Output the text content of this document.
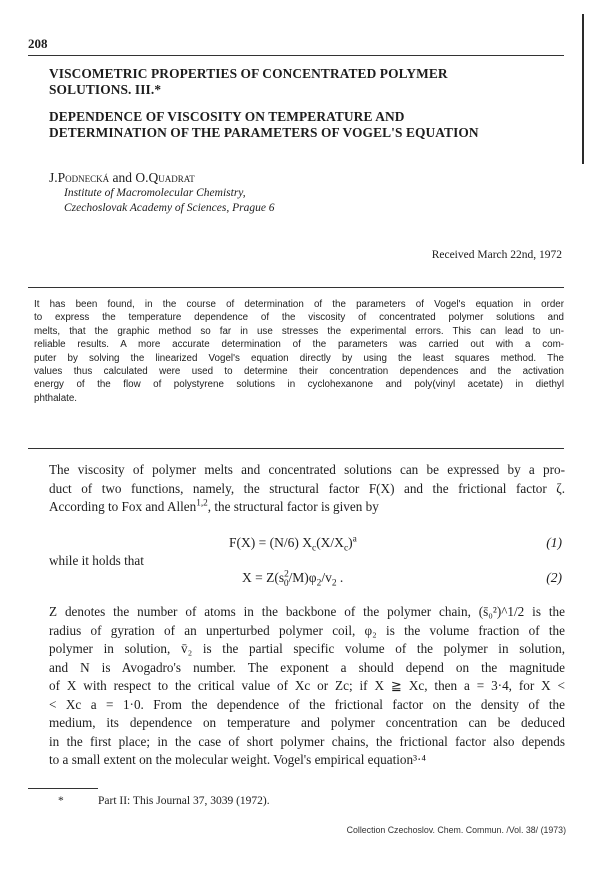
208
VISCOMETRIC PROPERTIES OF CONCENTRATED POLYMER
SOLUTIONS. III.*
DEPENDENCE OF VISCOSITY ON TEMPERATURE AND
DETERMINATION OF THE PARAMETERS OF VOGEL'S EQUATION
J.Podnecká and O.Quadrat
Institute of Macromolecular Chemistry,
Czechoslovak Academy of Sciences, Prague 6
Received March 22nd, 1972
It has been found, in the course of determination of the parameters of Vogel's equation in order
to express the temperature dependence of the viscosity of concentrated polymer solutions and
melts, that the graphic method so far in use stresses the experimental errors. This can lead to un-
reliable results. A more accurate determination of the parameters was carried out with a com-
puter by solving the linearized Vogel's equation directly by using the least squares method. The
values thus calculated were used to determine their concentration dependences and the activation
energy of the flow of polystyrene solutions in cyclohexanone and poly(vinyl acetate) in diethyl
phthalate.
The viscosity of polymer melts and concentrated solutions can be expressed by a pro-
duct of two functions, namely, the structural factor F(X) and the frictional factor ζ.
According to Fox and Allen$^{1,2}$, the structural factor is given by
F(X) = (N/6) $X_c(X/X_c)^a$	(1)
while it holds that
$X = Z(s^2_0/M)\varphi_2/v_2$ .	(2)
Z denotes the number of atoms in the backbone of the polymer chain, (s̄₀²)^1/2 is the
radius of gyration of an unperturbed polymer coil, φ₂ is the volume fraction of the
polymer in solution, v̄₂ is the partial specific volume of the polymer in solution,
and N is Avogadro's number. The exponent a should depend on the magnitude
of X with respect to the critical value of Xc or Zc; if X ≧ Xc, then a = 3·4, for X <
< Xc a = 1·0. From the dependence of the frictional factor on the density of the
medium, its dependence on temperature and polymer concentration can be deduced
in the first place; in the case of short polymer chains, the frictional factor also depends
to a small extent on the molecular weight. Vogel's empirical equation³·⁴
*	Part II: This Journal 37, 3039 (1972).
Collection Czechoslov. Chem. Commun. /Vol. 38/ (1973)
